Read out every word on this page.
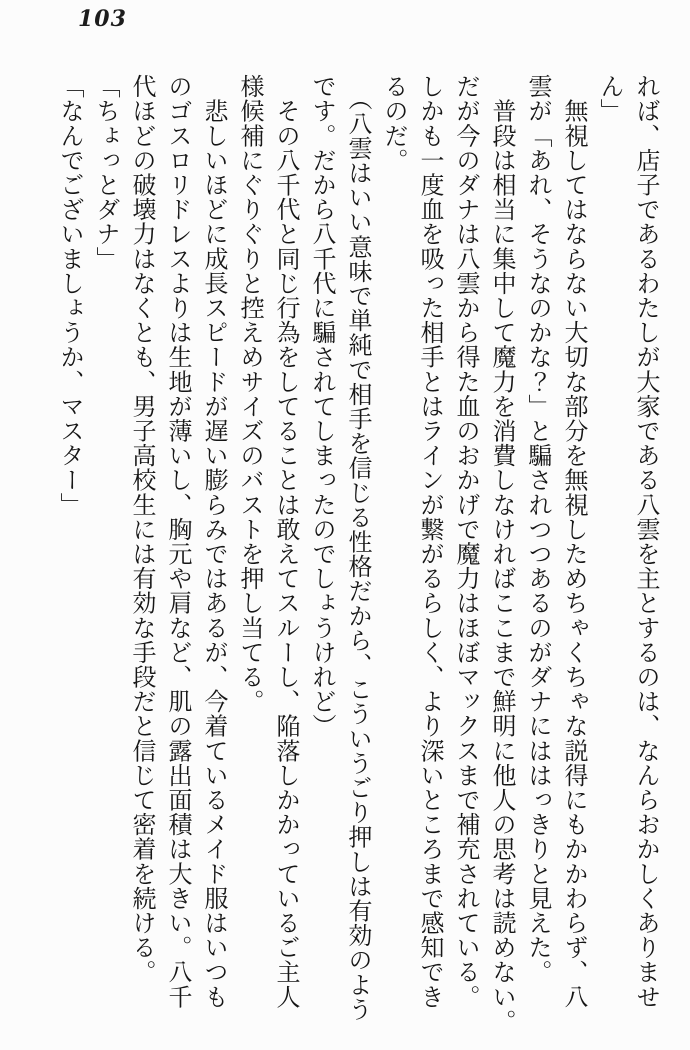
103

れば、店子であるわたしが大家である八雲を主とするのは、なんらおかしくありませ

ん」

　無視してはならない大切な部分を無視しためちゃくちゃな説得にもかかわらず、八

雲が「あれ、そうなのかな？」と騙されつつあるのがダナにははっきりと見えた。

　普段は相当に集中して魔力を消費しなければここまで鮮明に他人の思考は読めない。

だが今のダナは八雲から得た血のおかげで魔力はほぼマックスまで補充されている。

しかも一度血を吸った相手とはラインが繋がるらしく、より深いところまで感知でき

るのだ。

　（八雲はいい意味で単純で相手を信じる性格だから、こういうごり押しは有効のよう

です。だから八千代に騙されてしまったのでしょうけれど）

　その八千代と同じ行為をしてることは敢えてスルーし、陥落しかかっているご主人

様候補にぐりぐりと控えめサイズのバストを押し当てる。

　悲しいほどに成長スピードが遅い膨らみではあるが、今着ているメイド服はいつも

のゴスロリドレスよりは生地が薄いし、胸元や肩など、肌の露出面積は大きい。八千

代ほどの破壊力はなくとも、男子高校生には有効な手段だと信じて密着を続ける。

「ちょっとダナ」

「なんでございましょうか、マスター」
